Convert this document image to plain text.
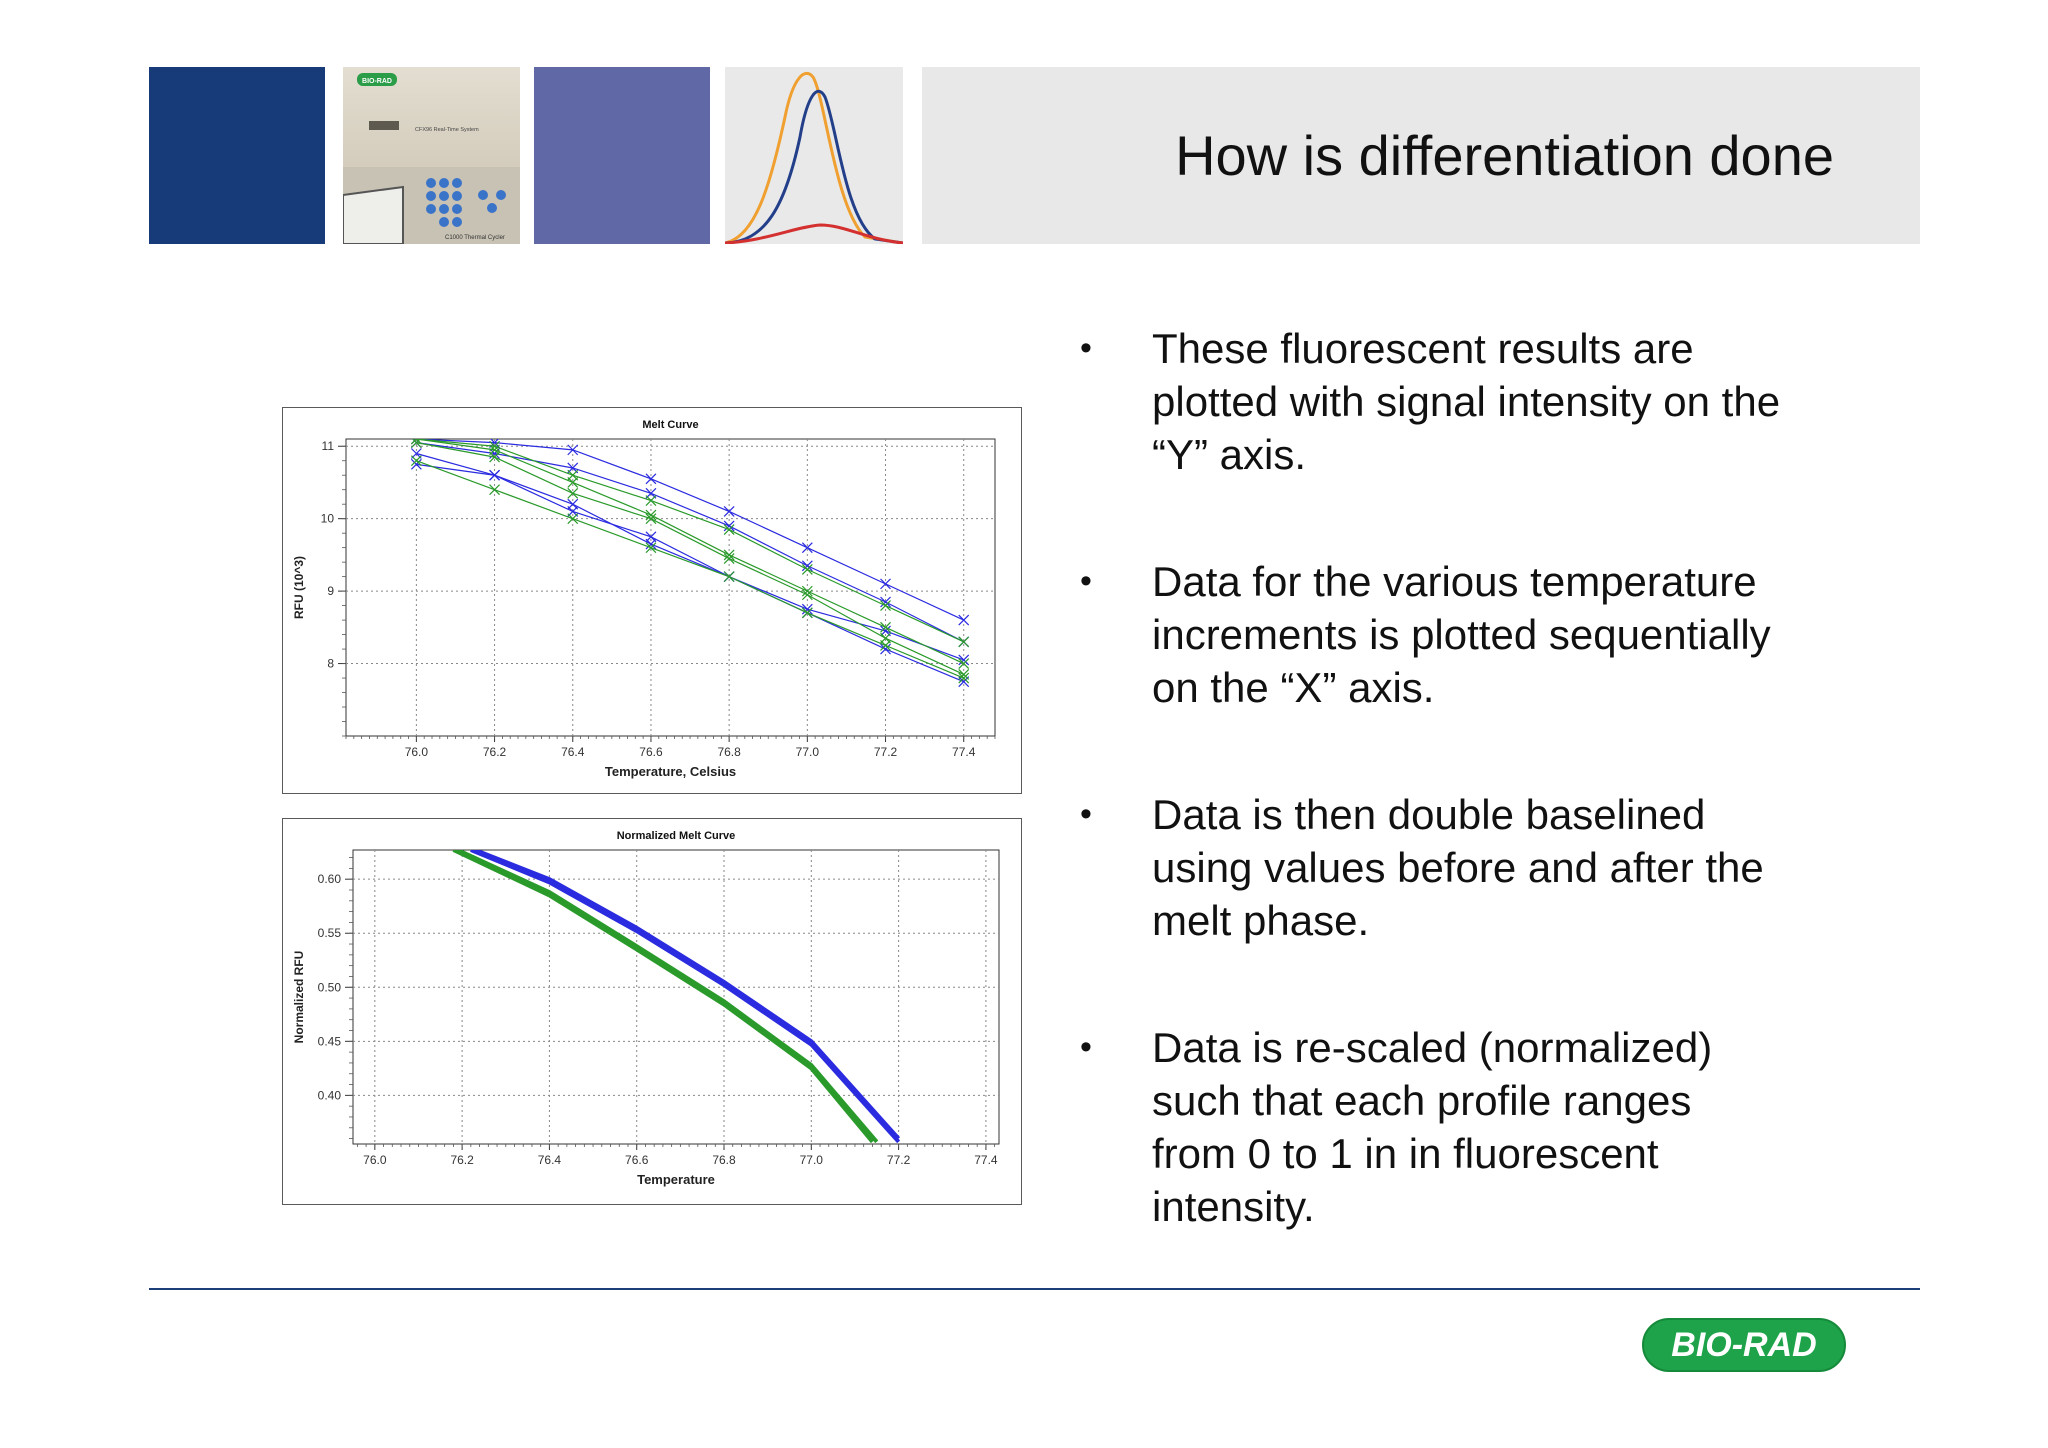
BIO-RAD
CFX96 Real-Time System
C1000 Thermal Cycler
How is differentiation done
Melt Curve
76.0	76.2	76.4	76.6	76.8	77.0	77.2	77.4
8
9
10
11
Temperature, Celsius
RFU (10^3)
Normalized Melt Curve
76.0	76.2	76.4	76.6	76.8	77.0	77.2	77.4
0.40
0.45
0.50
0.55
0.60
Temperature
Normalized RFU
• These fluorescent results are
plotted with signal intensity on the
“Y” axis.
• Data for the various temperature
increments is plotted sequentially
on the “X” axis.
• Data is then double baselined
using values before and after the
melt phase.
• Data is re-scaled (normalized)
such that each profile ranges
from 0 to 1 in in fluorescent
intensity.
BIO-RAD
